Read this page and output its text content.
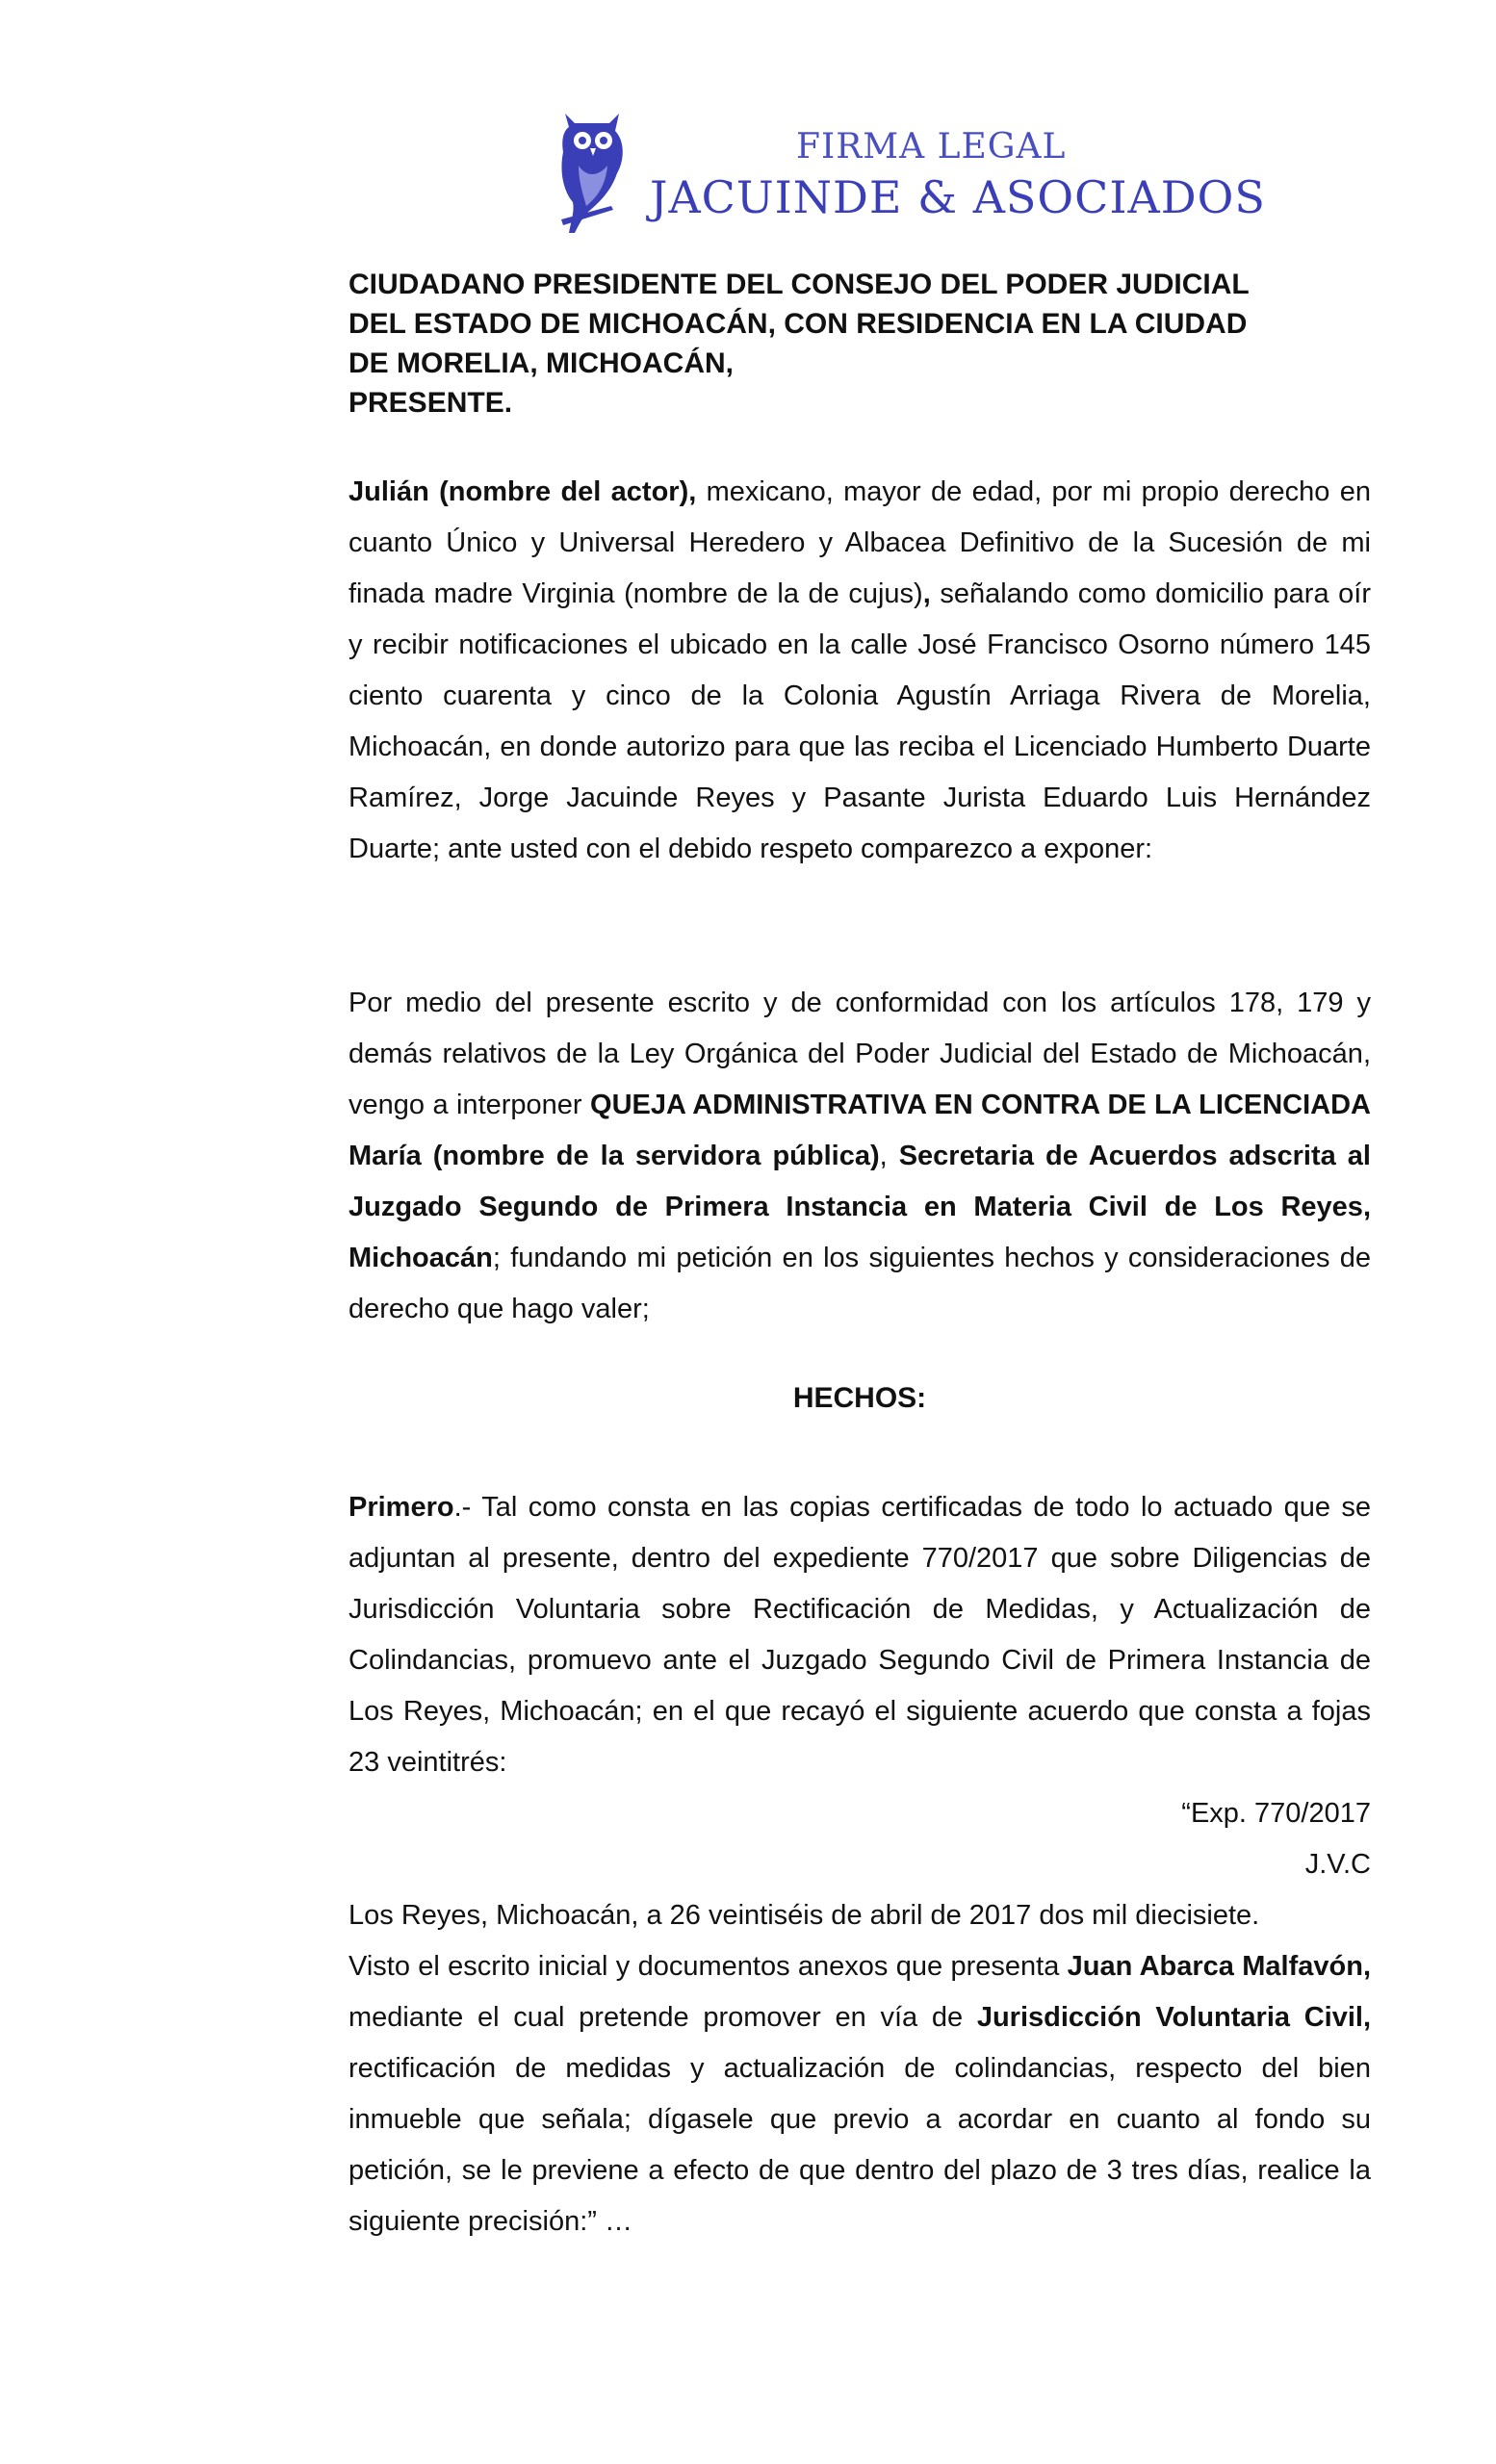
FIRMA LEGAL
JACUINDE & ASOCIADOS
CIUDADANO PRESIDENTE DEL CONSEJO DEL PODER JUDICIAL
DEL ESTADO DE MICHOACÁN, CON RESIDENCIA EN LA CIUDAD
DE MORELIA, MICHOACÁN,
PRESENTE.

Julián (nombre del actor), mexicano, mayor de edad, por mi propio derecho en cuanto Único y Universal Heredero y Albacea Definitivo de la Sucesión de mi finada madre Virginia (nombre de la de cujus), señalando como domicilio para oír y recibir notificaciones el ubicado en la calle José Francisco Osorno número 145 ciento cuarenta y cinco de la Colonia Agustín Arriaga Rivera de Morelia, Michoacán, en donde autorizo para que las reciba el Licenciado Humberto Duarte Ramírez, Jorge Jacuinde Reyes y Pasante Jurista Eduardo Luis Hernández Duarte; ante usted con el debido respeto comparezco a exponer:

Por medio del presente escrito y de conformidad con los artículos 178, 179 y demás relativos de la Ley Orgánica del Poder Judicial del Estado de Michoacán, vengo a interponer QUEJA ADMINISTRATIVA EN CONTRA DE LA LICENCIADA María (nombre de la servidora pública), Secretaria de Acuerdos adscrita al Juzgado Segundo de Primera Instancia en Materia Civil de Los Reyes, Michoacán; fundando mi petición en los siguientes hechos y consideraciones de derecho que hago valer;

HECHOS:

Primero.- Tal como consta en las copias certificadas de todo lo actuado que se adjuntan al presente, dentro del expediente 770/2017 que sobre Diligencias de Jurisdicción Voluntaria sobre Rectificación de Medidas, y Actualización de Colindancias, promuevo ante el Juzgado Segundo Civil de Primera Instancia de Los Reyes, Michoacán; en el que recayó el siguiente acuerdo que consta a fojas 23 veintitrés:

“Exp. 770/2017
J.V.C
Los Reyes, Michoacán, a 26 veintiséis de abril de 2017 dos mil diecisiete.

Visto el escrito inicial y documentos anexos que presenta Juan Abarca Malfavón, mediante el cual pretende promover en vía de Jurisdicción Voluntaria Civil, rectificación de medidas y actualización de colindancias, respecto del bien inmueble que señala; dígasele que previo a acordar en cuanto al fondo su petición, se le previene a efecto de que dentro del plazo de 3 tres días, realice la siguiente precisión:” …
